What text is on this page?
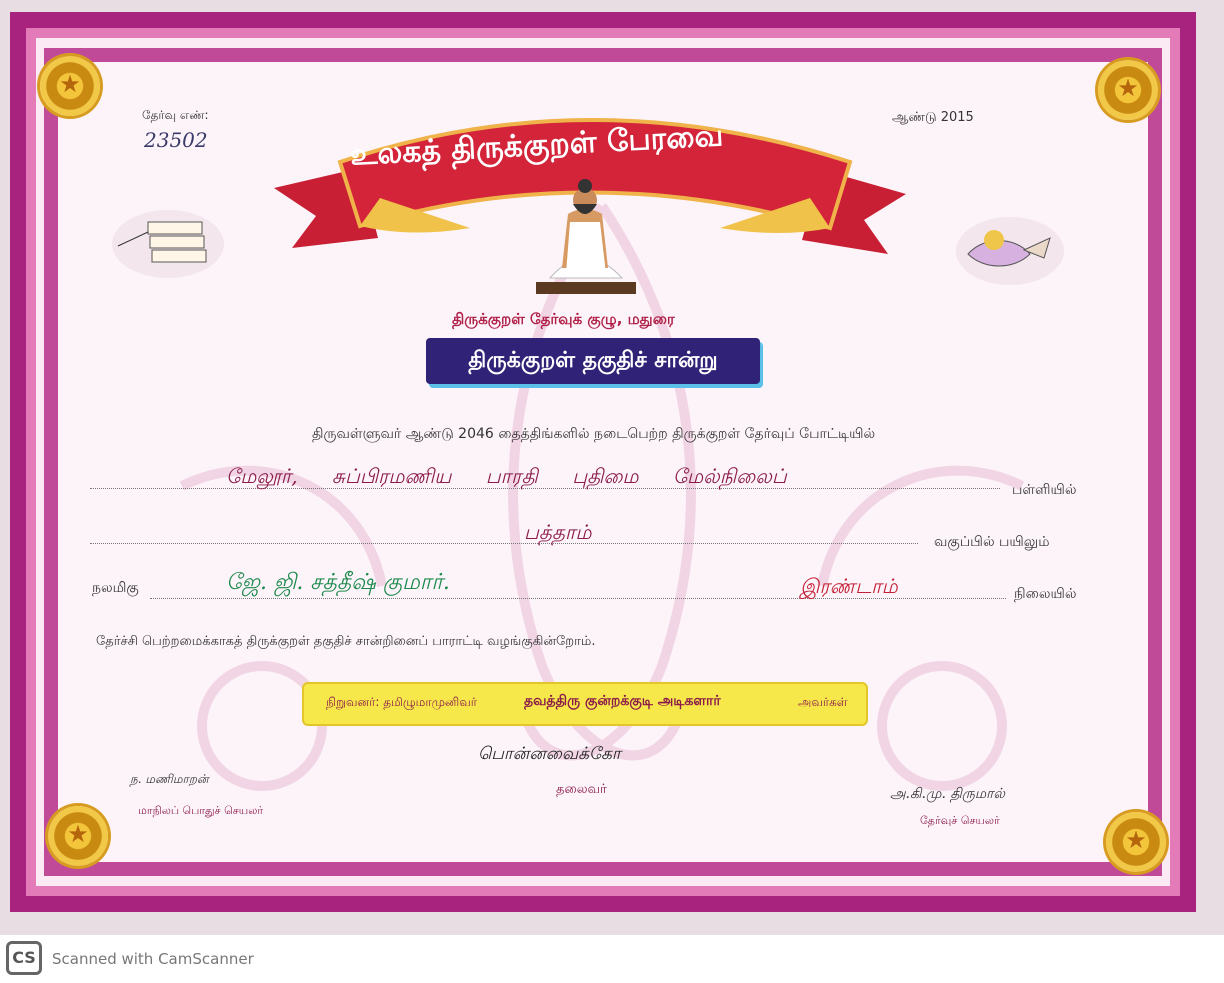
★	★
★	★
தேர்வு எண்:
23502
ஆண்டு 2015
உலகத் திருக்குறள் பேரவை
திருக்குறள் தேர்வுக் குழு, மதுரை
திருக்குறள் தகுதிச் சான்று
திருவள்ளுவர் ஆண்டு 2046 தைத்திங்களில் நடைபெற்ற திருக்குறள் தேர்வுப் போட்டியில்
மேலூர், சுப்பிரமணிய பாரதி புதிமை மேல்நிலைப்
பள்ளியில்
பத்தாம்	வகுப்பில் பயிலும்
நலமிகு	ஜே. ஜி. சத்தீஷ் குமார்.	இரண்டாம்	நிலையில்
தேர்ச்சி பெற்றமைக்காகத் திருக்குறள் தகுதிச் சான்றினைப் பாராட்டி வழங்குகின்றோம்.
நிறுவனர்: தமிழுமாமுனிவர்	தவத்திரு குன்றக்குடி அடிகளார்	அவர்கள்
ந. மணிமாறன்
மாநிலப் பொதுச் செயலர்
பொன்னவைக்கோ
தலைவர்	அ.கி.மு. திருமால்
தேர்வுச் செயலர்
CS	Scanned with CamScanner
